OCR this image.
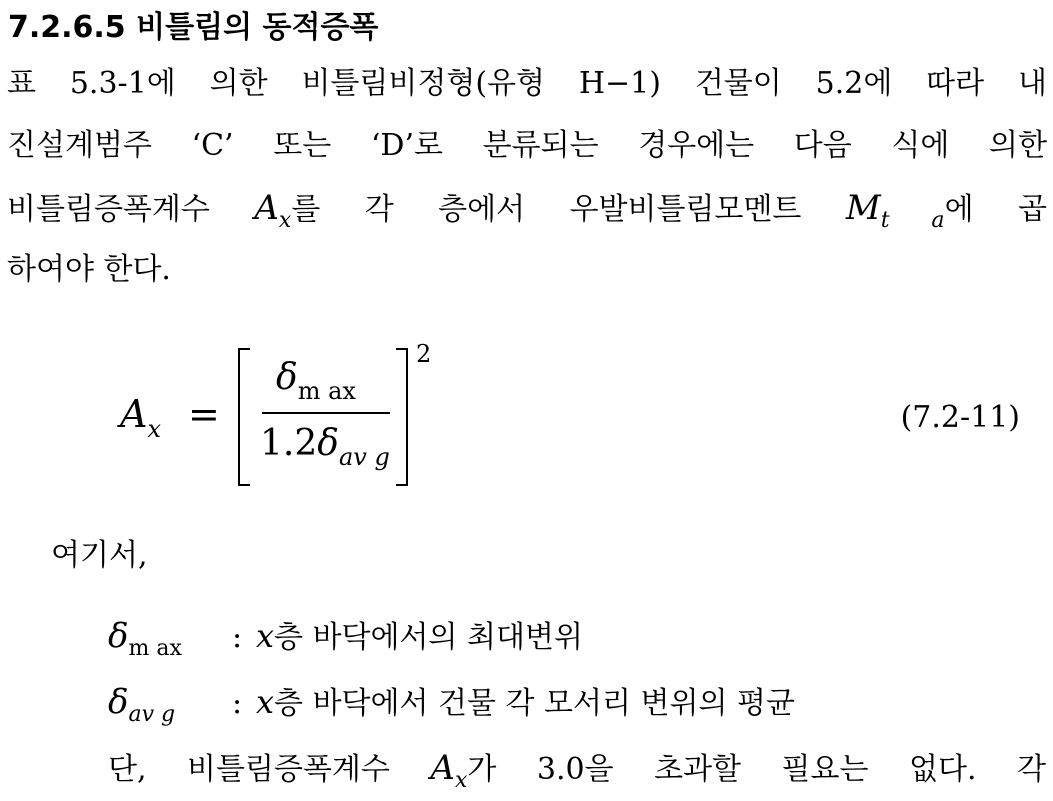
7.2.6.5 비틀림의 동적증폭
표 5.3-1에 의한 비틀림비정형(유형 H−1) 건물이 5.2에 따라 내
진설계범주 ‘C’ 또는 ‘D’로 분류되는 경우에는 다음 식에 의한
비틀림증폭계수 $A_x$를 각 층에서 우발비틀림모멘트 $M_{t a}$에 곱
하여야 한다.
$A_x$ =
$\delta_{m ax}$
$1.2\delta_{av g}$
2
(7.2-11)
여기서,
$\delta_{m ax}$ : x층 바닥에서의 최대변위
$\delta_{av g}$ : x층 바닥에서 건물 각 모서리 변위의 평균
단, 비틀림증폭계수 $A_x$가 3.0을 초과할 필요는 없다. 각
